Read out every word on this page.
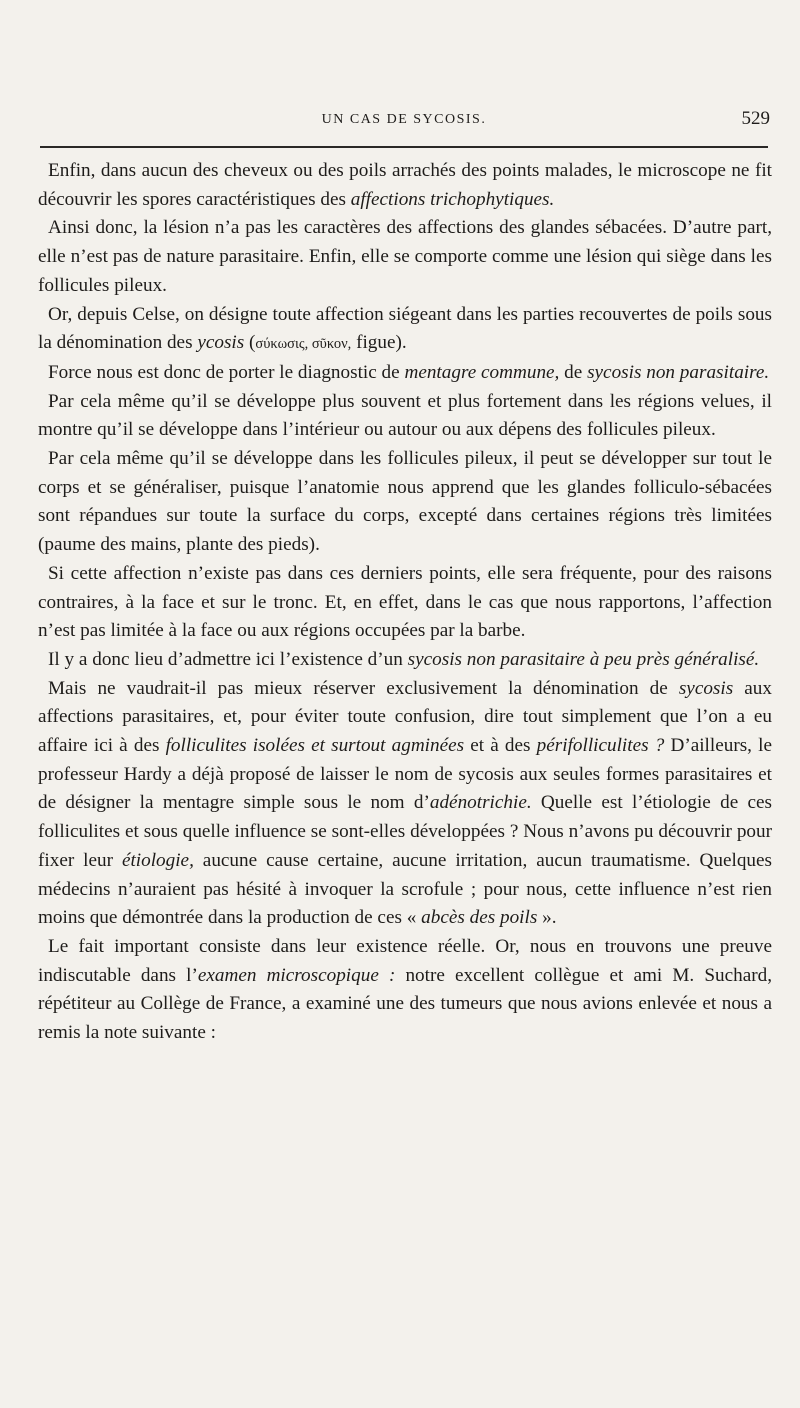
UN CAS DE SYCOSIS.	529

Enfin, dans aucun des cheveux ou des poils arrachés des points malades, le microscope ne fit découvrir les spores caractéristiques des affections trichophytiques.

Ainsi donc, la lésion n’a pas les caractères des affections des glandes sébacées. D’autre part, elle n’est pas de nature parasitaire. Enfin, elle se comporte comme une lésion qui siège dans les follicules pileux.

Or, depuis Celse, on désigne toute affection siégeant dans les parties recouvertes de poils sous la dénomination des ycosis (σύκωσις, σῦκον, figue).

Force nous est donc de porter le diagnostic de mentagre commune, de sycosis non parasitaire.

Par cela même qu’il se développe plus souvent et plus fortement dans les régions velues, il montre qu’il se développe dans l’intérieur ou autour ou aux dépens des follicules pileux.

Par cela même qu’il se développe dans les follicules pileux, il peut se développer sur tout le corps et se généraliser, puisque l’anatomie nous apprend que les glandes folliculo-sébacées sont répandues sur toute la surface du corps, excepté dans certaines régions très limitées (paume des mains, plante des pieds).

Si cette affection n’existe pas dans ces derniers points, elle sera fréquente, pour des raisons contraires, à la face et sur le tronc. Et, en effet, dans le cas que nous rapportons, l’affection n’est pas limitée à la face ou aux régions occupées par la barbe.

Il y a donc lieu d’admettre ici l’existence d’un sycosis non parasitaire à peu près généralisé.

Mais ne vaudrait-il pas mieux réserver exclusivement la dénomination de sycosis aux affections parasitaires, et, pour éviter toute confusion, dire tout simplement que l’on a eu affaire ici à des folliculites isolées et surtout agminées et à des périfolliculites ? D’ailleurs, le professeur Hardy a déjà proposé de laisser le nom de sycosis aux seules formes parasitaires et de désigner la mentagre simple sous le nom d’adénotrichie. Quelle est l’étiologie de ces folliculites et sous quelle influence se sont-elles développées ? Nous n’avons pu découvrir pour fixer leur étiologie, aucune cause certaine, aucune irritation, aucun traumatisme. Quelques médecins n’auraient pas hésité à invoquer la scrofule ; pour nous, cette influence n’est rien moins que démontrée dans la production de ces « abcès des poils ».

Le fait important consiste dans leur existence réelle. Or, nous en trouvons une preuve indiscutable dans l’examen microscopique : notre excellent collègue et ami M. Suchard, répétiteur au Collège de France, a examiné une des tumeurs que nous avions enlevée et nous a remis la note suivante :
